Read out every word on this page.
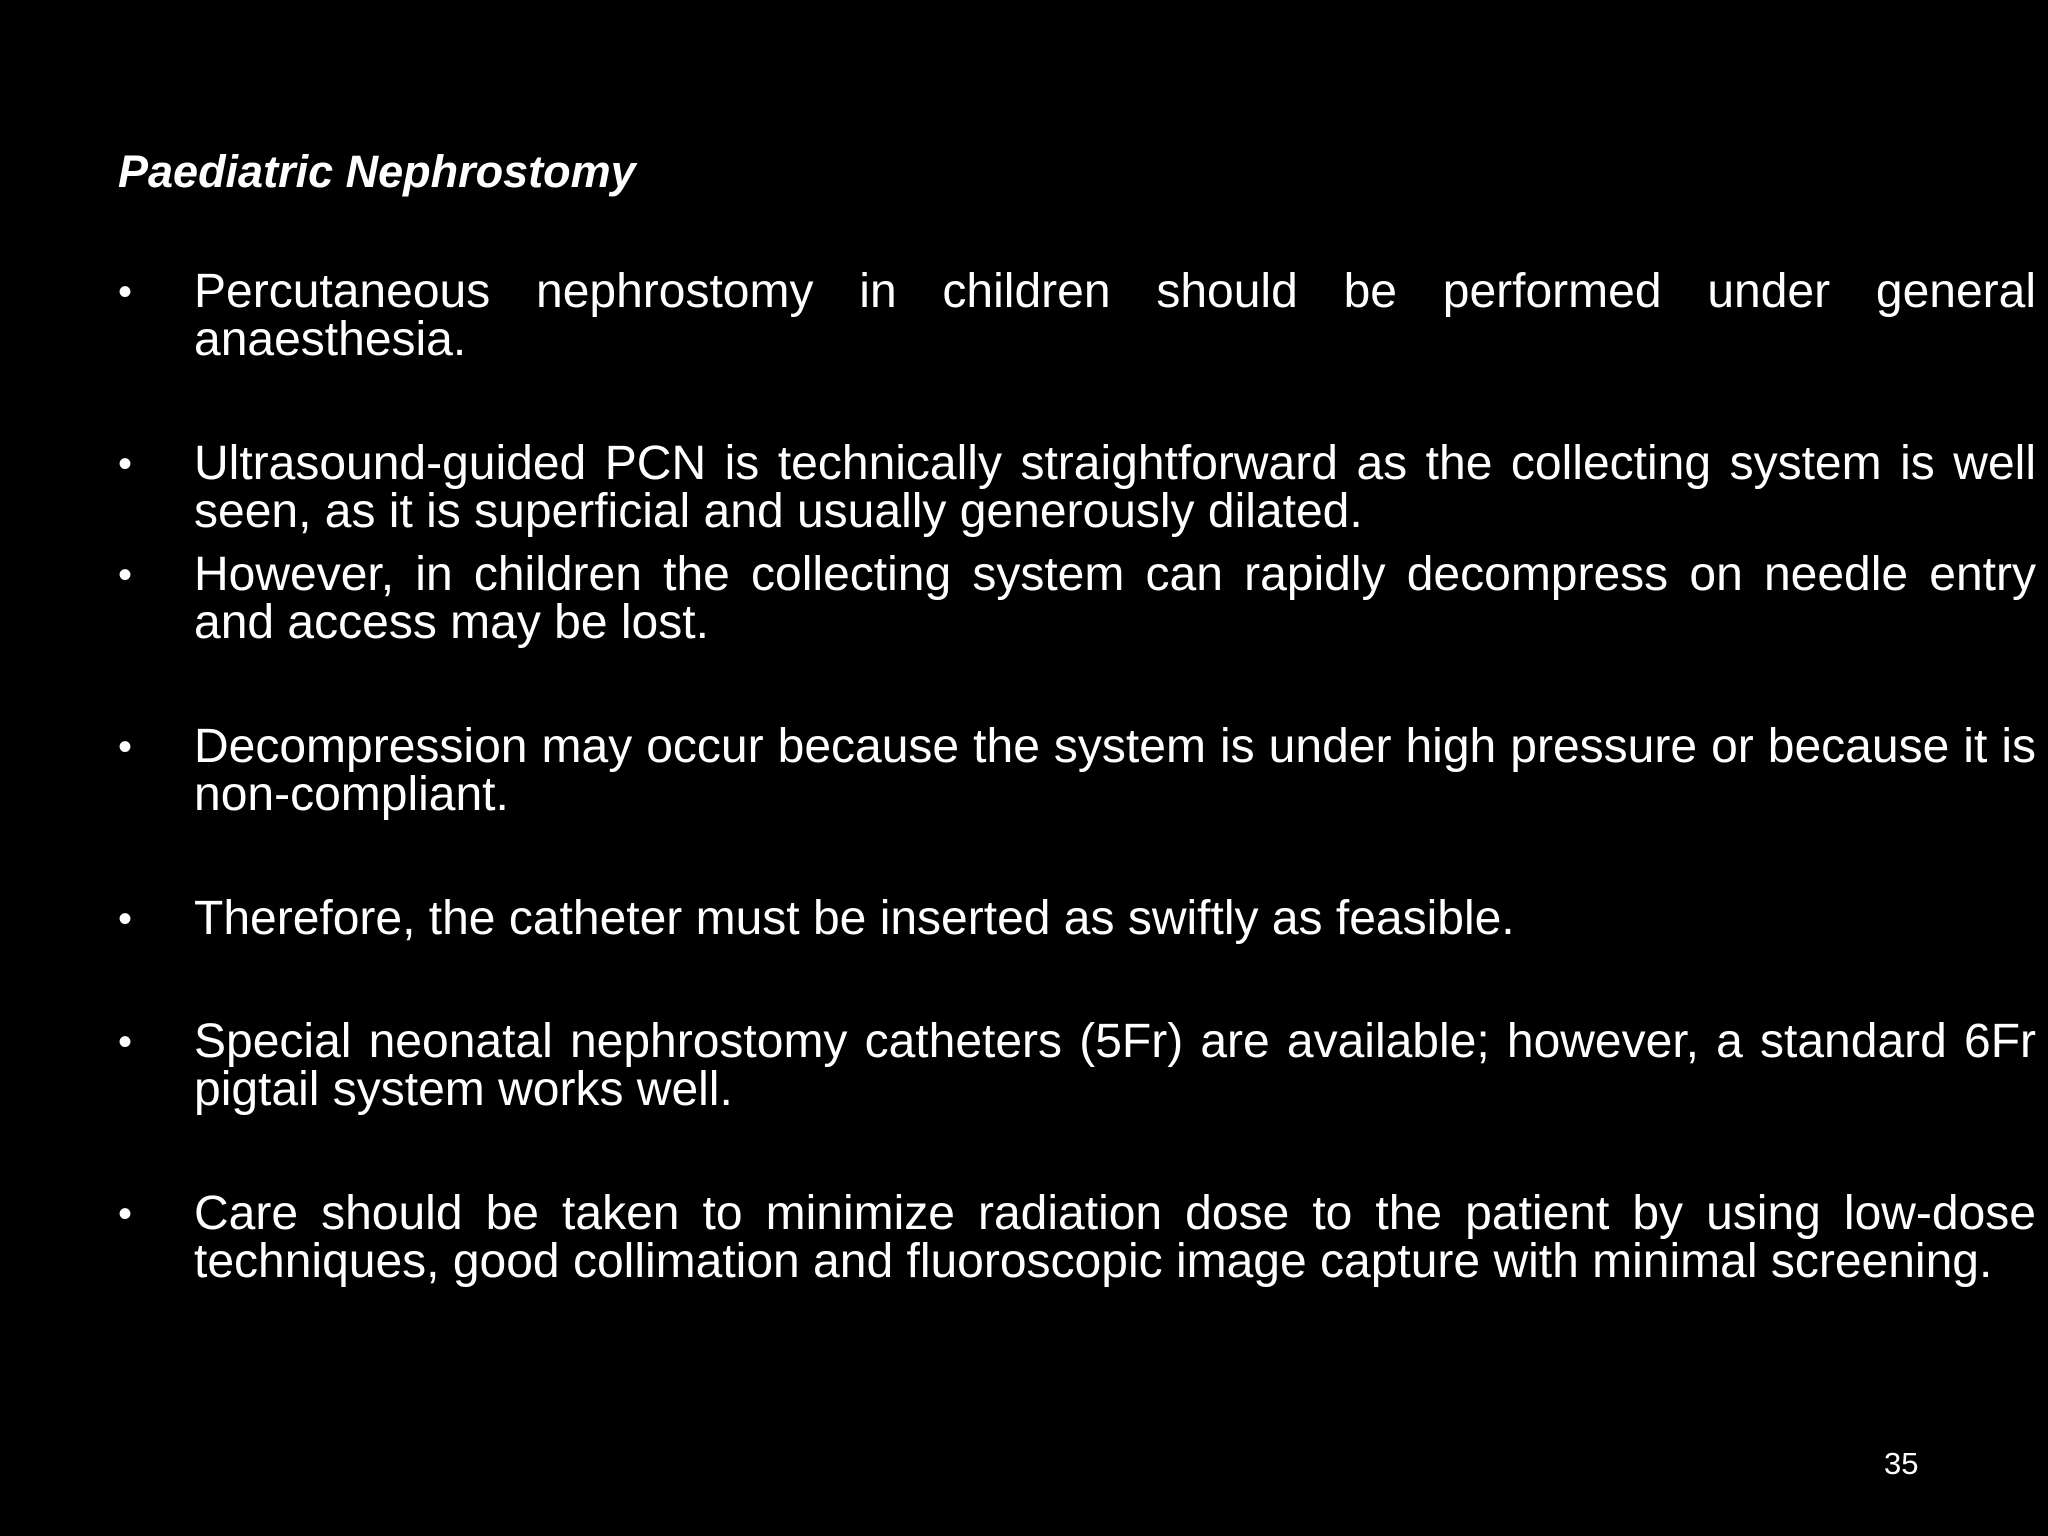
Paediatric Nephrostomy
•	Percutaneous nephrostomy in children should be performed under general anaesthesia.
•	Ultrasound-guided PCN is technically straightforward as the collecting system is well seen, as it is superficial and usually generously dilated.
•	However, in children the collecting system can rapidly decompress on needle entry and access may be lost.
•	Decompression may occur because the system is under high pressure or because it is non-compliant.
•	Therefore, the catheter must be inserted as swiftly as feasible.
•	Special neonatal nephrostomy catheters (5Fr) are available; however, a standard 6Fr pigtail system works well.
•	Care should be taken to minimize radiation dose to the patient by using low-dose techniques, good collimation and fluoroscopic image capture with minimal screening.
35
